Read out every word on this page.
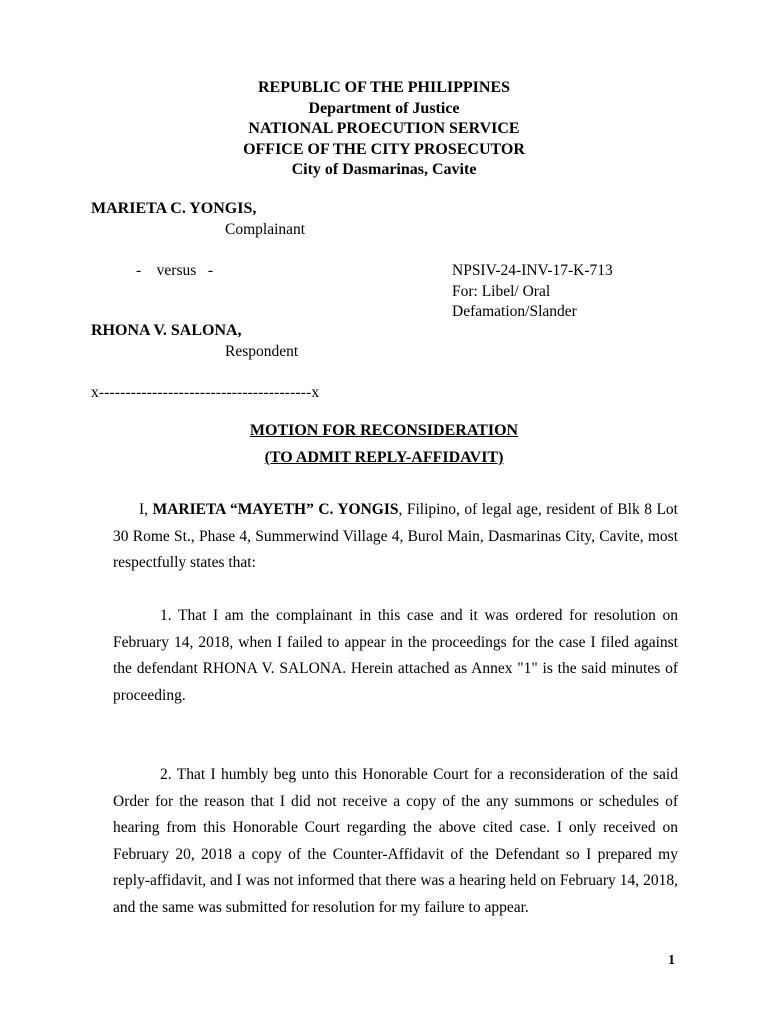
REPUBLIC OF THE PHILIPPINES
Department of Justice
NATIONAL PROECUTION SERVICE
OFFICE OF THE CITY PROSECUTOR
City of Dasmarinas, Cavite
MARIETA C. YONGIS,
Complainant
-    versus   -	NPSIV-24-INV-17-K-713
For: Libel/ Oral
Defamation/Slander
RHONA V. SALONA,
Respondent
x----------------------------------------x
MOTION FOR RECONSIDERATION
(TO ADMIT REPLY-AFFIDAVIT)

I, MARIETA “MAYETH” C. YONGIS, Filipino, of legal age, resident of Blk 8 Lot 30 Rome St., Phase 4, Summerwind Village 4, Burol Main, Dasmarinas City, Cavite, most respectfully states that:

1. That I am the complainant in this case and it was ordered for resolution on February 14, 2018, when I failed to appear in the proceedings for the case I filed against the defendant RHONA V. SALONA. Herein attached as Annex "1" is the said minutes of proceeding.

2. That I humbly beg unto this Honorable Court for a reconsideration of the said Order for the reason that I did not receive a copy of the any summons or schedules of hearing from this Honorable Court regarding the above cited case. I only received on February 20, 2018 a copy of the Counter-Affidavit of the Defendant so I prepared my reply-affidavit, and I was not informed that there was a hearing held on February 14, 2018, and the same was submitted for resolution for my failure to appear.

1
